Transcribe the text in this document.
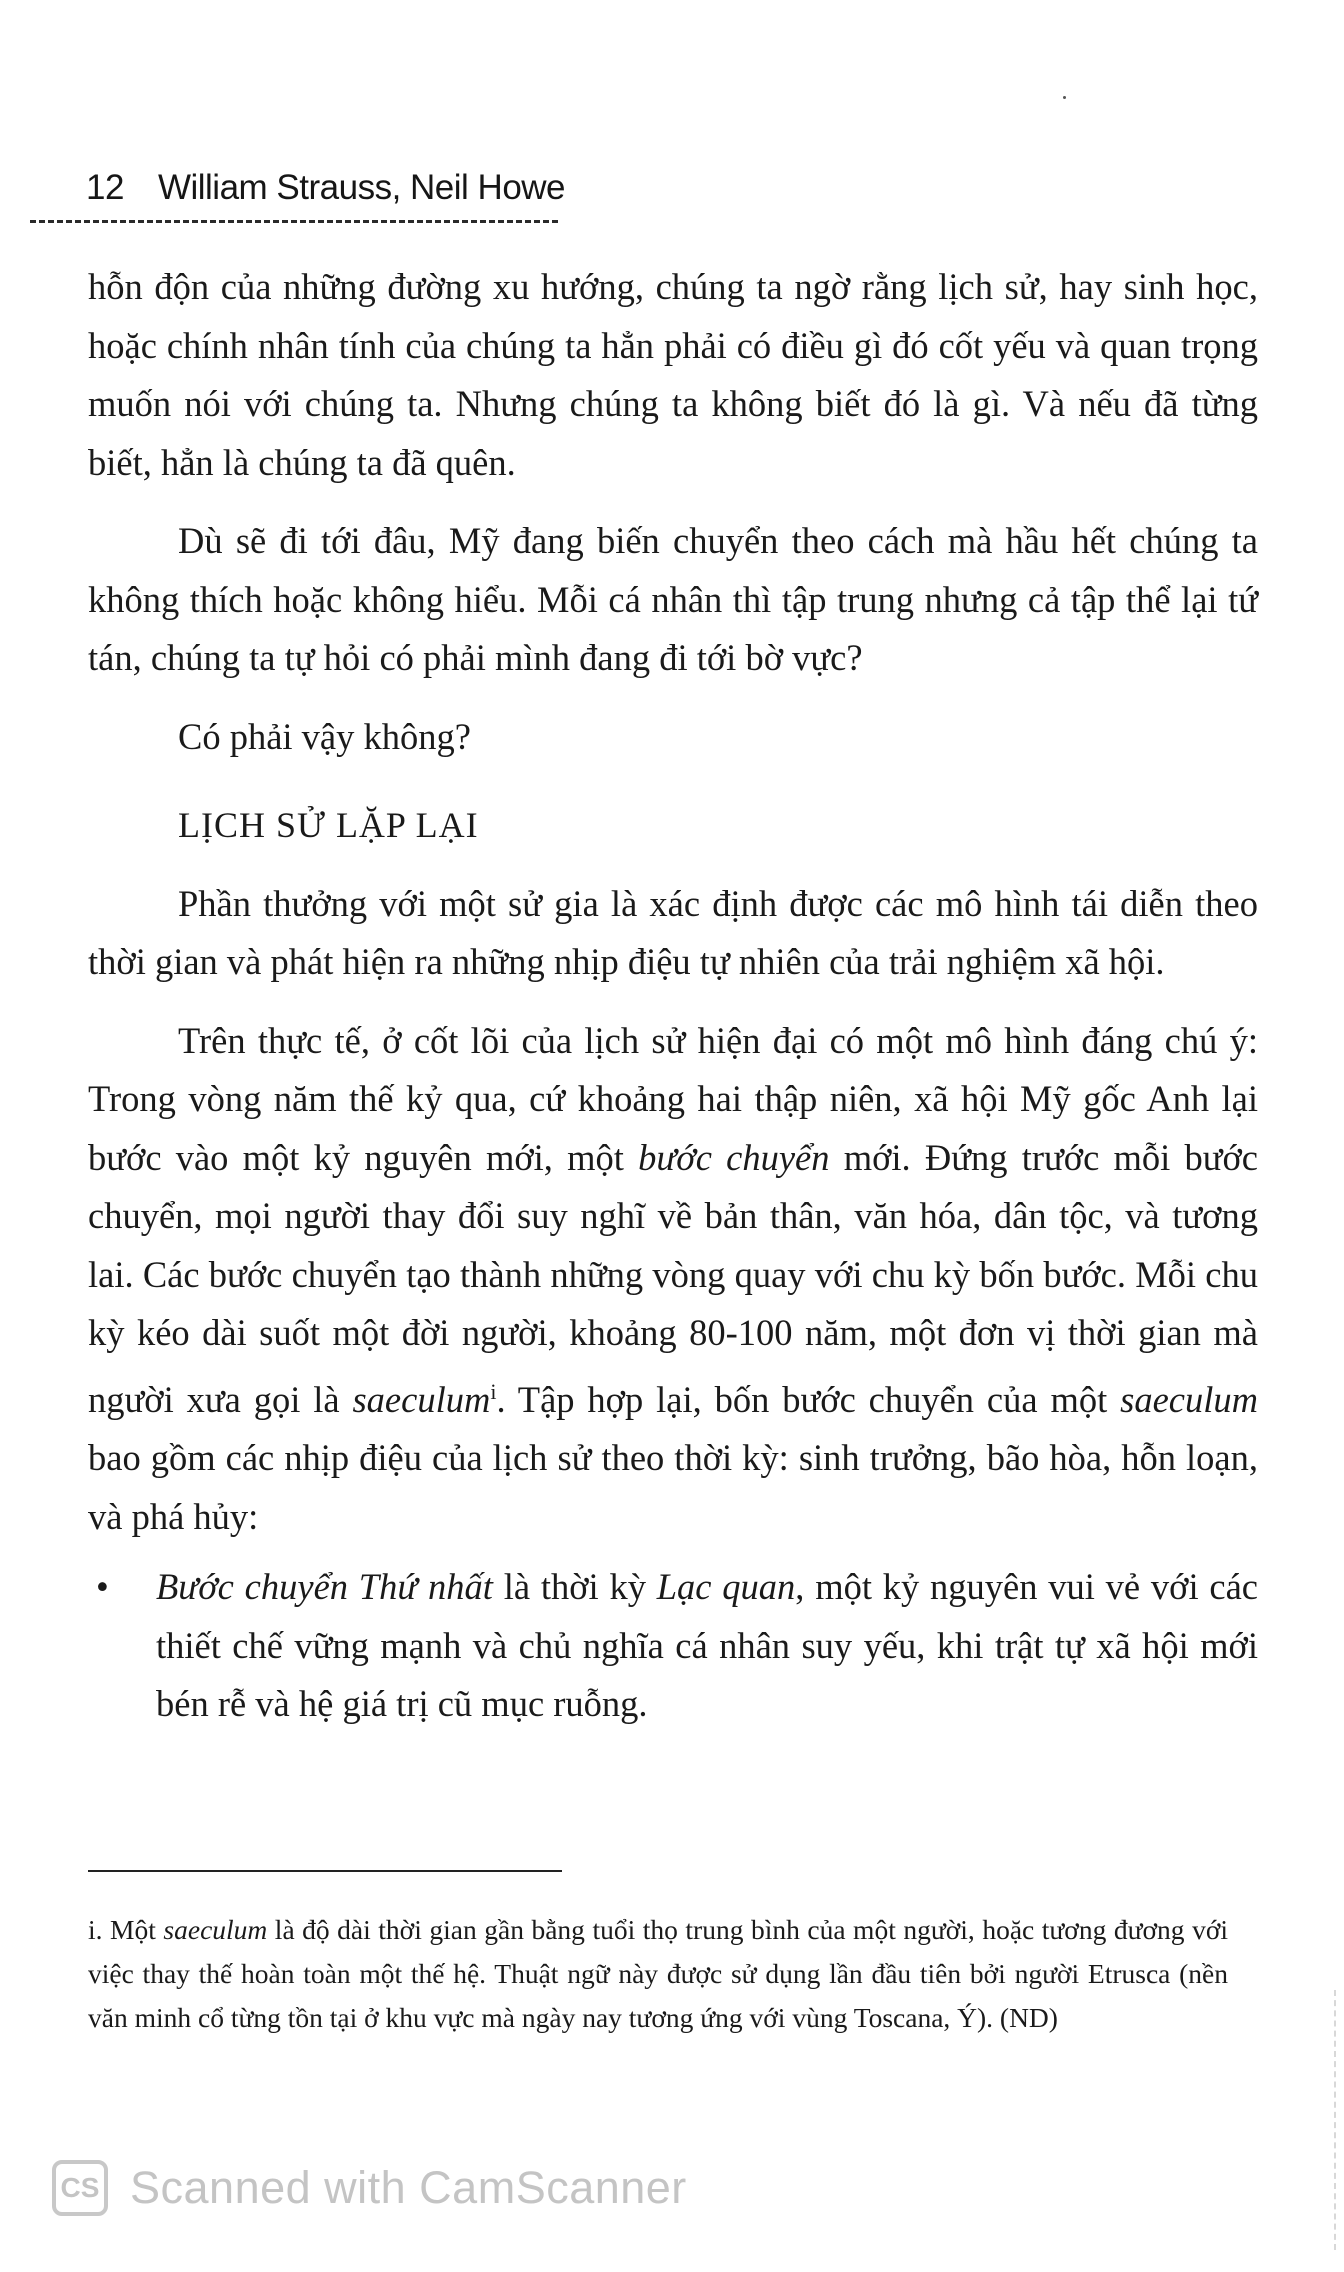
12 William Strauss, Neil Howe

hỗn độn của những đường xu hướng, chúng ta ngờ rằng lịch sử, hay sinh học, hoặc chính nhân tính của chúng ta hẳn phải có điều gì đó cốt yếu và quan trọng muốn nói với chúng ta. Nhưng chúng ta không biết đó là gì. Và nếu đã từng biết, hẳn là chúng ta đã quên.

Dù sẽ đi tới đâu, Mỹ đang biến chuyển theo cách mà hầu hết chúng ta không thích hoặc không hiểu. Mỗi cá nhân thì tập trung nhưng cả tập thể lại tứ tán, chúng ta tự hỏi có phải mình đang đi tới bờ vực?

Có phải vậy không?

LỊCH SỬ LẶP LẠI

Phần thưởng với một sử gia là xác định được các mô hình tái diễn theo thời gian và phát hiện ra những nhịp điệu tự nhiên của trải nghiệm xã hội.

Trên thực tế, ở cốt lõi của lịch sử hiện đại có một mô hình đáng chú ý: Trong vòng năm thế kỷ qua, cứ khoảng hai thập niên, xã hội Mỹ gốc Anh lại bước vào một kỷ nguyên mới, một bước chuyển mới. Đứng trước mỗi bước chuyển, mọi người thay đổi suy nghĩ về bản thân, văn hóa, dân tộc, và tương lai. Các bước chuyển tạo thành những vòng quay với chu kỳ bốn bước. Mỗi chu kỳ kéo dài suốt một đời người, khoảng 80-100 năm, một đơn vị thời gian mà người xưa gọi là saeculum$^i$. Tập hợp lại, bốn bước chuyển của một saeculum bao gồm các nhịp điệu của lịch sử theo thời kỳ: sinh trưởng, bão hòa, hỗn loạn, và phá hủy:

• Bước chuyển Thứ nhất là thời kỳ Lạc quan, một kỷ nguyên vui vẻ với các thiết chế vững mạnh và chủ nghĩa cá nhân suy yếu, khi trật tự xã hội mới bén rễ và hệ giá trị cũ mục ruỗng.

i. Một saeculum là độ dài thời gian gần bằng tuổi thọ trung bình của một người, hoặc tương đương với việc thay thế hoàn toàn một thế hệ. Thuật ngữ này được sử dụng lần đầu tiên bởi người Etrusca (nền văn minh cổ từng tồn tại ở khu vực mà ngày nay tương ứng với vùng Toscana, Ý). (ND)

CS Scanned with CamScanner
